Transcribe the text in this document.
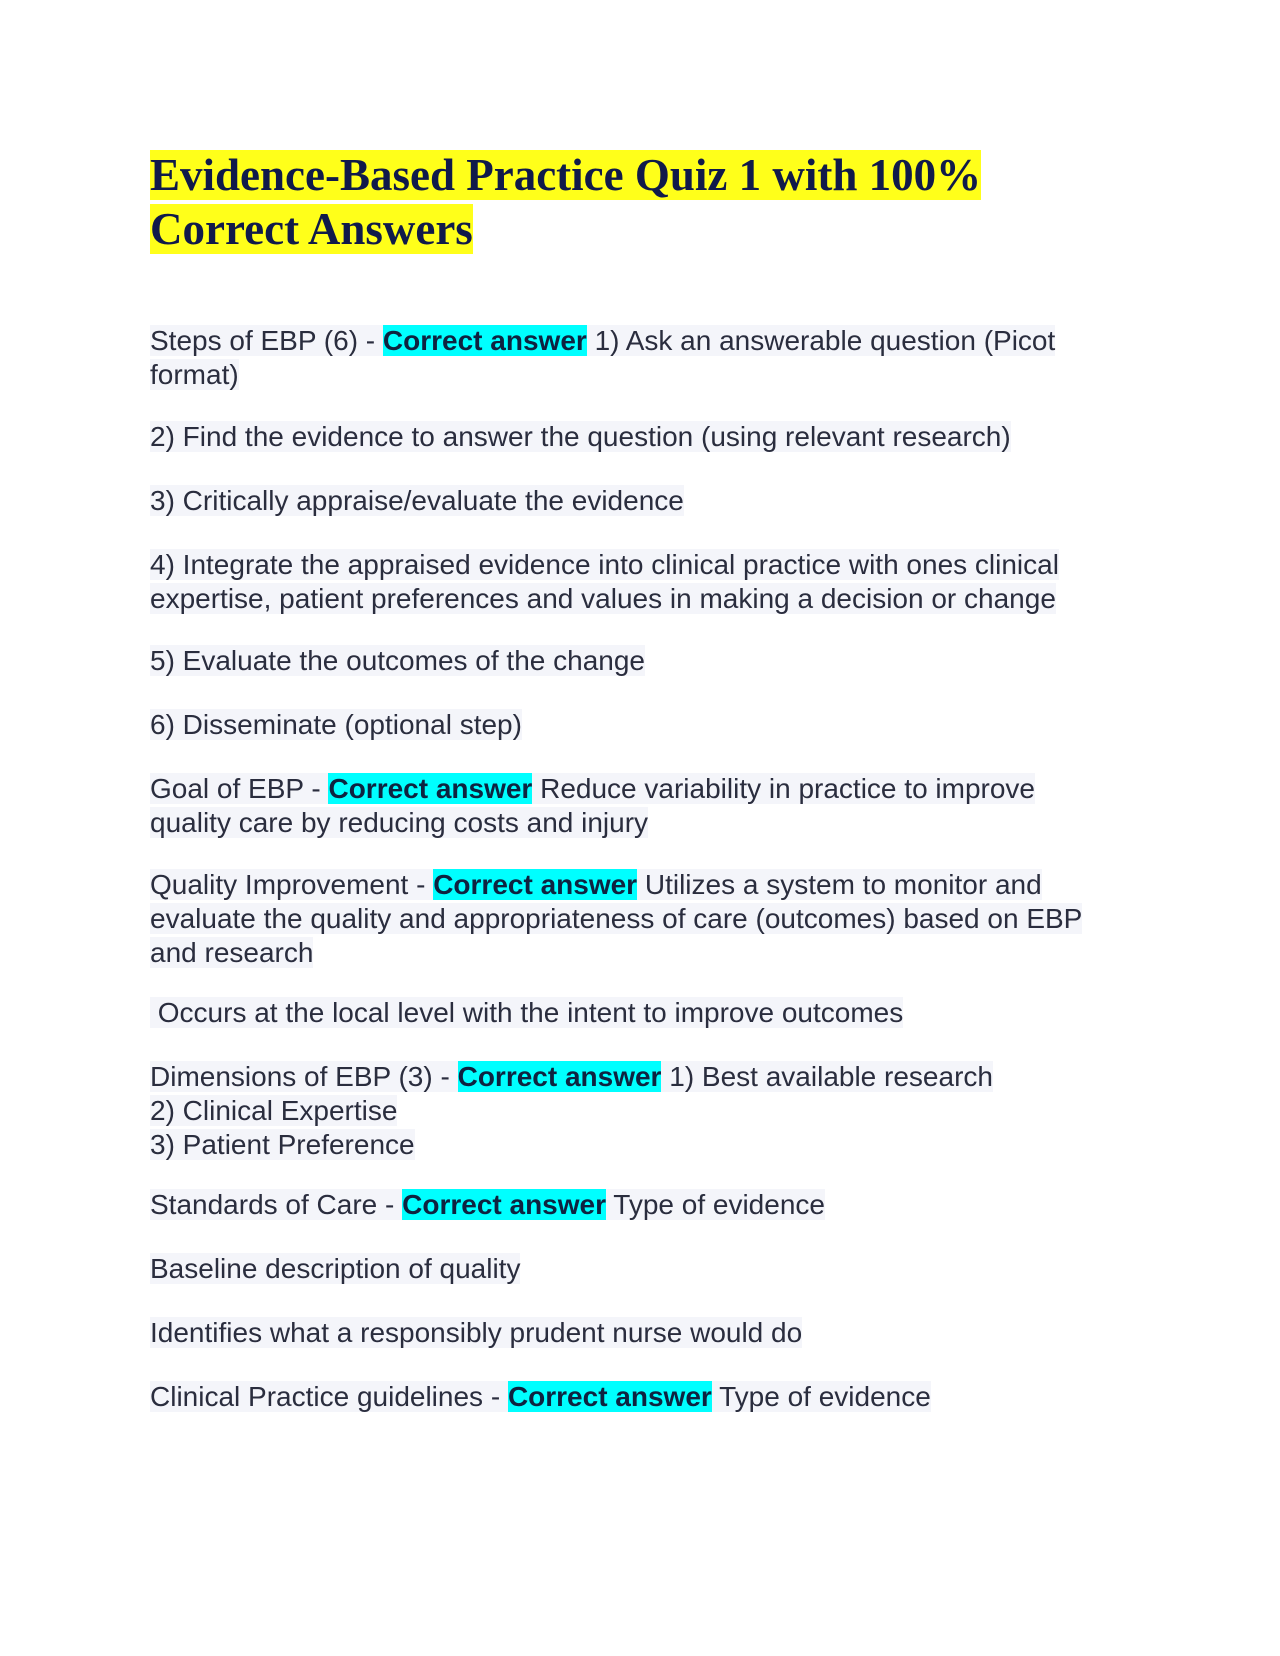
Evidence-Based Practice Quiz 1 with 100%
Correct Answers

Steps of EBP (6) - Correct answer 1) Ask an answerable question (Picot
format)

2) Find the evidence to answer the question (using relevant research)

3) Critically appraise/evaluate the evidence

4) Integrate the appraised evidence into clinical practice with ones clinical
expertise, patient preferences and values in making a decision or change

5) Evaluate the outcomes of the change

6) Disseminate (optional step)

Goal of EBP - Correct answer Reduce variability in practice to improve
quality care by reducing costs and injury

Quality Improvement - Correct answer Utilizes a system to monitor and
evaluate the quality and appropriateness of care (outcomes) based on EBP
and research

Occurs at the local level with the intent to improve outcomes

Dimensions of EBP (3) - Correct answer 1) Best available research
2) Clinical Expertise
3) Patient Preference

Standards of Care - Correct answer Type of evidence

Baseline description of quality

Identifies what a responsibly prudent nurse would do

Clinical Practice guidelines - Correct answer Type of evidence
